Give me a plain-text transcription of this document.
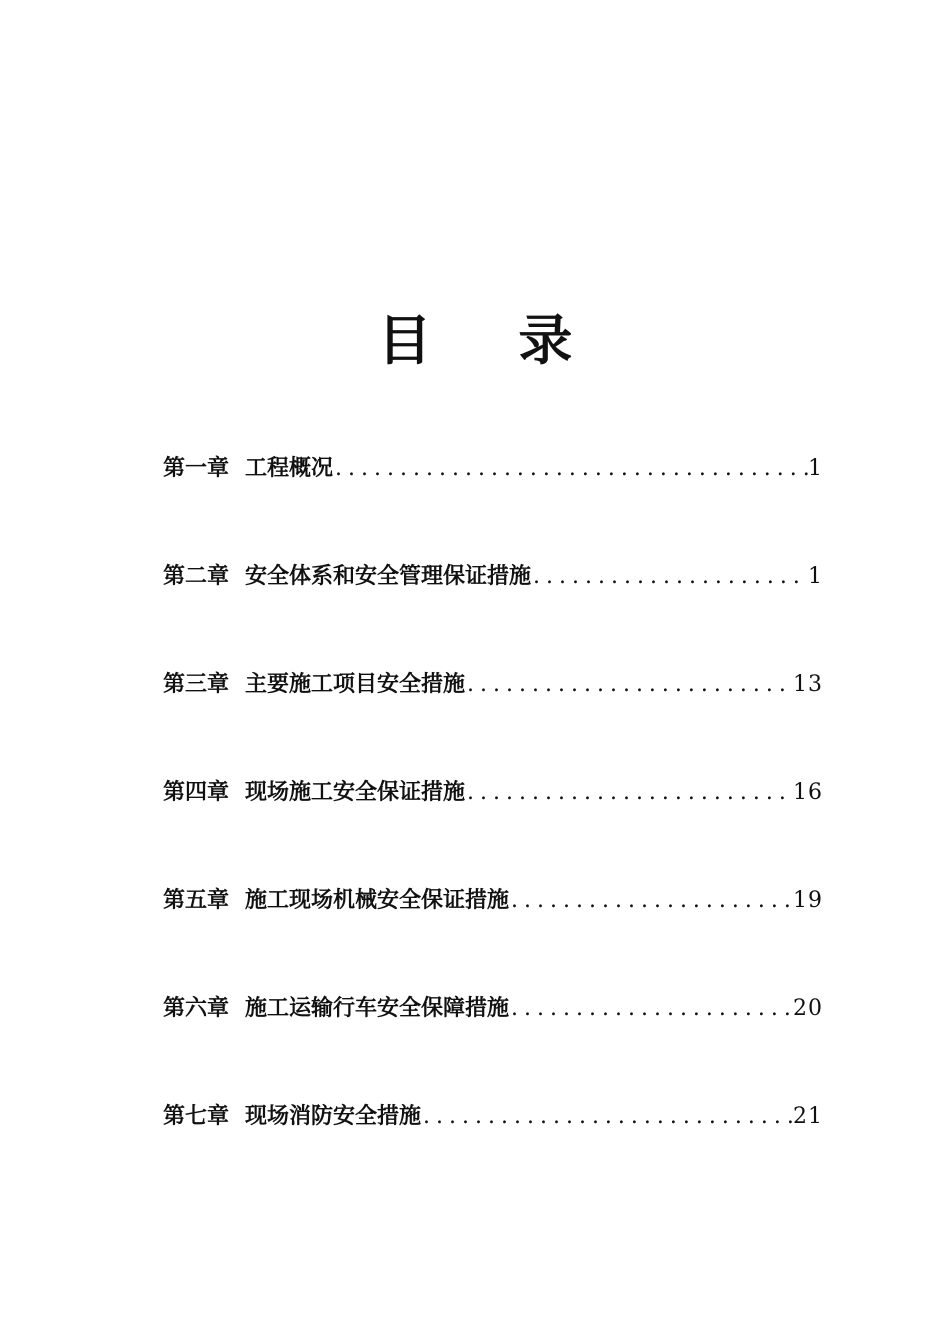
目 录
第一章 工程概况 .....	1
第二章 安全体系和安全管理保证措施 .....	1
第三章 主要施工项目安全措施 .....	13
第四章 现场施工安全保证措施 .....	16
第五章 施工现场机械安全保证措施 .....	19
第六章 施工运输行车安全保障措施 .....	20
第七章 现场消防安全措施 .....	21
